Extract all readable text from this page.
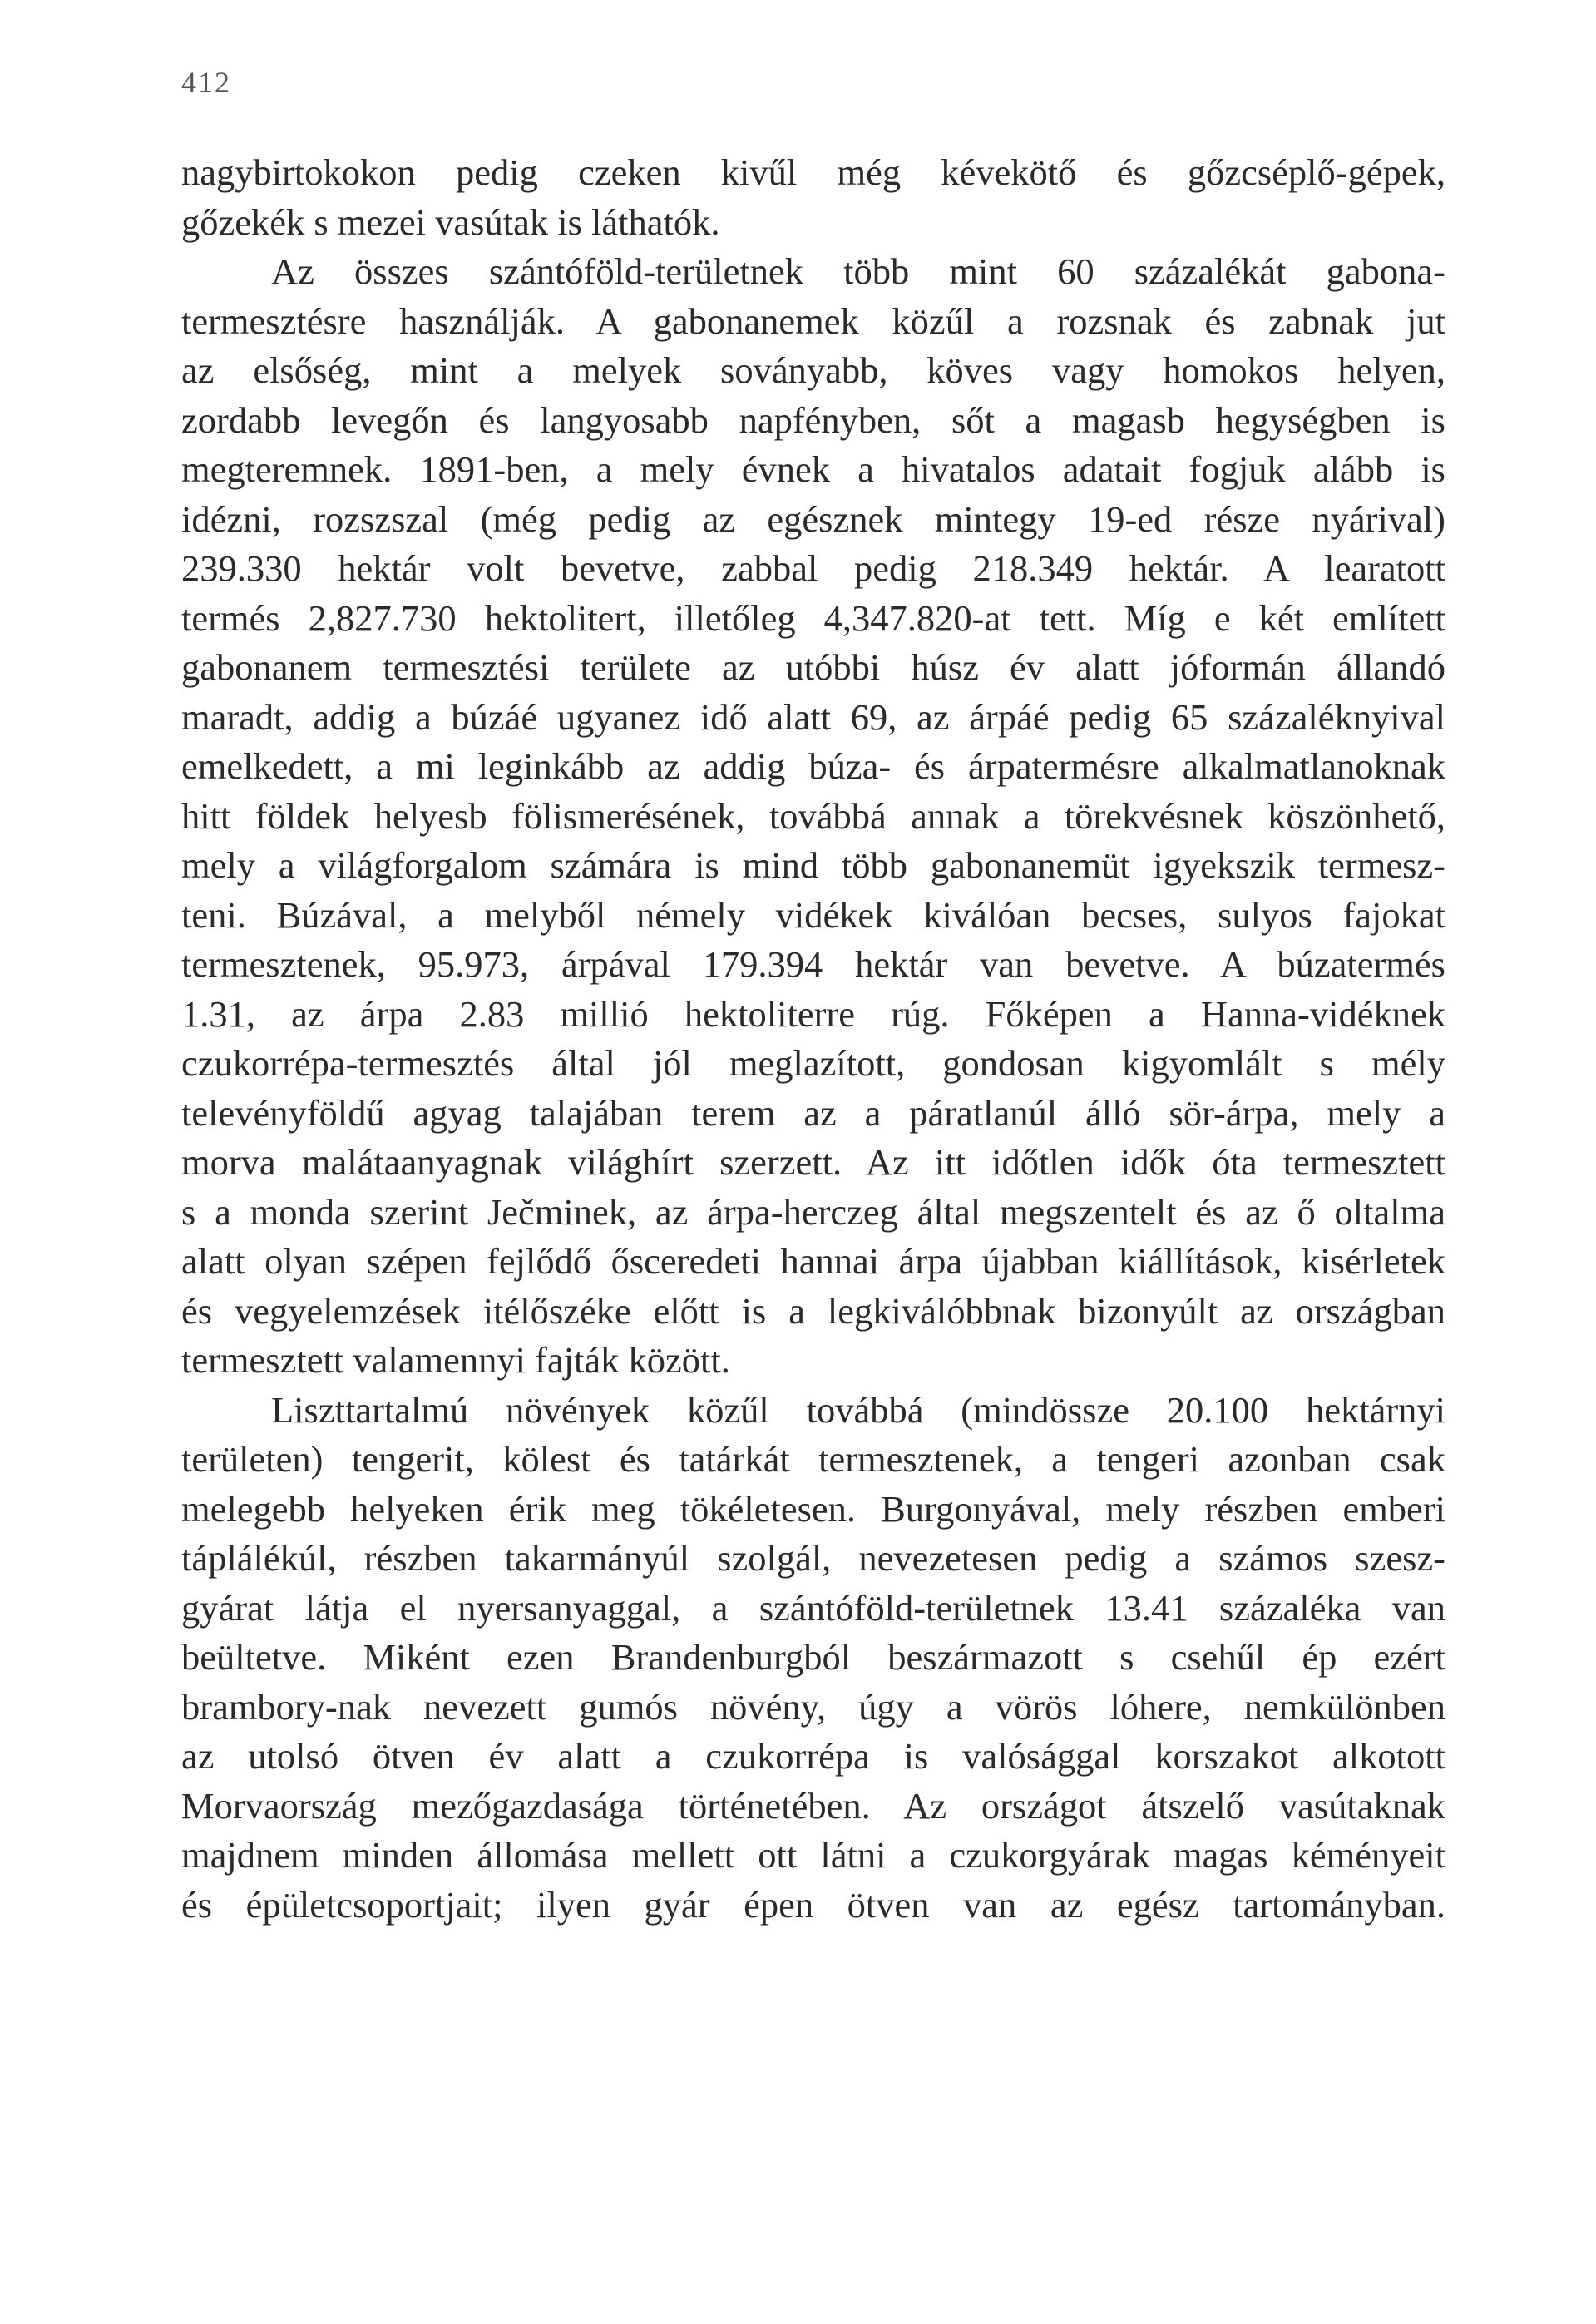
412
nagybirtokokon pedig czeken kivűl még kévekötő és gőzcséplő-gépek,
gőzekék s mezei vasútak is láthatók.
Az összes szántóföld-területnek több mint 60 százalékát gabona-
termesztésre használják. A gabonanemek közűl a rozsnak és zabnak jut
az elsőség, mint a melyek soványabb, köves vagy homokos helyen,
zordabb levegőn és langyosabb napfényben, sőt a magasb hegységben is
megteremnek. 1891-ben, a mely évnek a hivatalos adatait fogjuk alább is
idézni, rozszszal (még pedig az egésznek mintegy 19-ed része nyárival)
239.330 hektár volt bevetve, zabbal pedig 218.349 hektár. A learatott
termés 2,827.730 hektolitert, illetőleg 4,347.820-at tett. Míg e két említett
gabonanem termesztési területe az utóbbi húsz év alatt jóformán állandó
maradt, addig a búzáé ugyanez idő alatt 69, az árpáé pedig 65 százaléknyival
emelkedett, a mi leginkább az addig búza- és árpatermésre alkalmatlanoknak
hitt földek helyesb fölismerésének, továbbá annak a törekvésnek köszönhető,
mely a világforgalom számára is mind több gabonanemüt igyekszik termesz-
teni. Búzával, a melyből némely vidékek kiválóan becses, sulyos fajokat
termesztenek, 95.973, árpával 179.394 hektár van bevetve. A búzatermés
1.31, az árpa 2.83 millió hektoliterre rúg. Főképen a Hanna-vidéknek
czukorrépa-termesztés által jól meglazított, gondosan kigyomlált s mély
televényföldű agyag talajában terem az a páratlanúl álló sör-árpa, mely a
morva malátaanyagnak világhírt szerzett. Az itt időtlen idők óta termesztett
s a monda szerint Ječminek, az árpa-herczeg által megszentelt és az ő oltalma
alatt olyan szépen fejlődő ősceredeti hannai árpa újabban kiállítások, kisérletek
és vegyelemzések itélőszéke előtt is a legkiválóbbnak bizonyúlt az országban
termesztett valamennyi fajták között.
Liszttartalmú növények közűl továbbá (mindössze 20.100 hektárnyi
területen) tengerit, kölest és tatárkát termesztenek, a tengeri azonban csak
melegebb helyeken érik meg tökéletesen. Burgonyával, mely részben emberi
táplálékúl, részben takarmányúl szolgál, nevezetesen pedig a számos szesz-
gyárat látja el nyersanyaggal, a szántóföld-területnek 13.41 százaléka van
beültetve. Miként ezen Brandenburgból beszármazott s csehűl ép ezért
brambory-nak nevezett gumós növény, úgy a vörös lóhere, nemkülönben
az utolsó ötven év alatt a czukorrépa is valósággal korszakot alkotott
Morvaország mezőgazdasága történetében. Az országot átszelő vasútaknak
majdnem minden állomása mellett ott látni a czukorgyárak magas kéményeit
és épületcsoportjait; ilyen gyár épen ötven van az egész tartományban.
